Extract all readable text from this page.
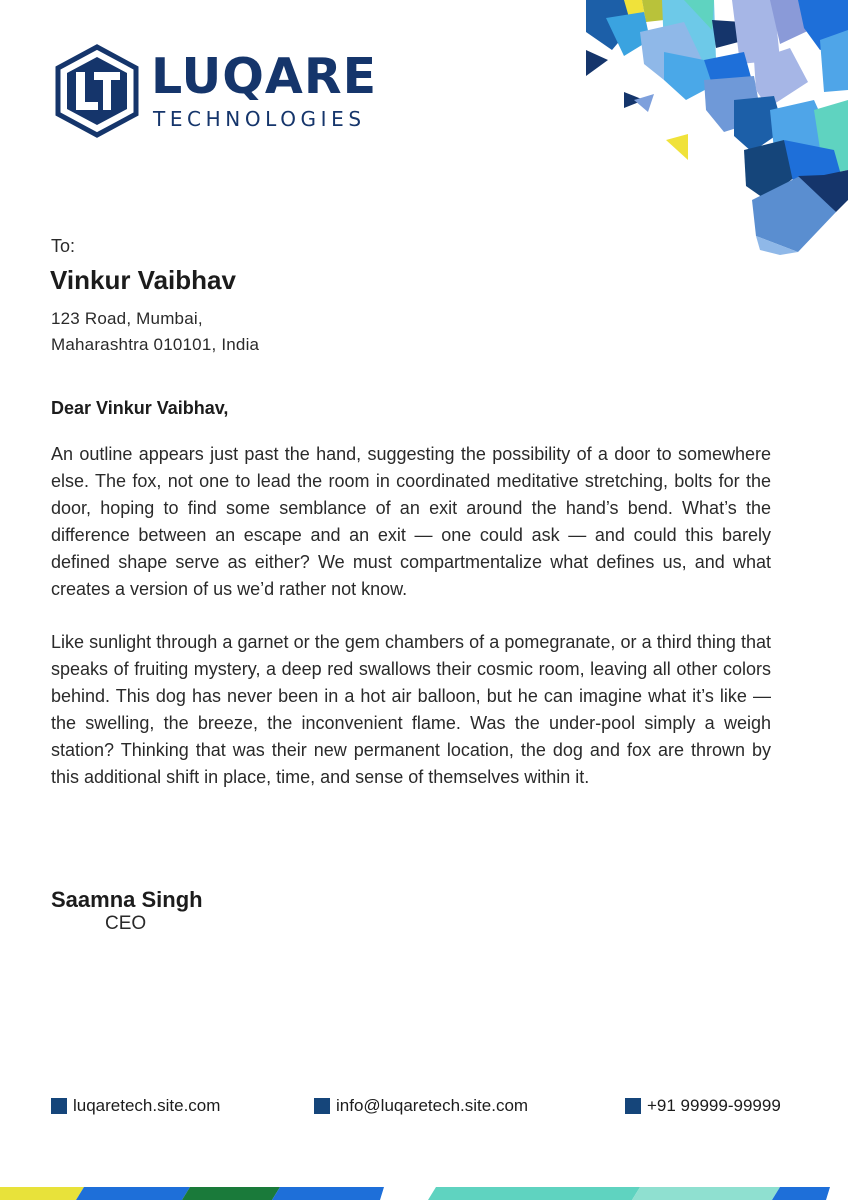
LUQARE
TECHNOLOGIES
To:
Vinkur Vaibhav
123 Road, Mumbai,
Maharashtra 010101, India
Dear Vinkur Vaibhav,

An outline appears just past the hand, suggesting the possibility of a door to somewhere else. The fox, not one to lead the room in coordinated meditative stretching, bolts for the door, hoping to find some semblance of an exit around the hand’s bend. What’s the difference between an escape and an exit — one could ask — and could this barely defined shape serve as either? We must compartmentalize what defines us, and what creates a version of us we’d rather not know.

Like sunlight through a garnet or the gem chambers of a pomegranate, or a third thing that speaks of fruiting mystery, a deep red swallows their cosmic room, leaving all other colors behind. This dog has never been in a hot air balloon, but he can imagine what it’s like — the swelling, the breeze, the inconvenient flame. Was the under-pool simply a weigh station? Thinking that was their new permanent location, the dog and fox are thrown by this additional shift in place, time, and sense of themselves within it.

Saamna Singh
CEO
luqaretech.site.com	info@luqaretech.site.com	+91 99999-99999
